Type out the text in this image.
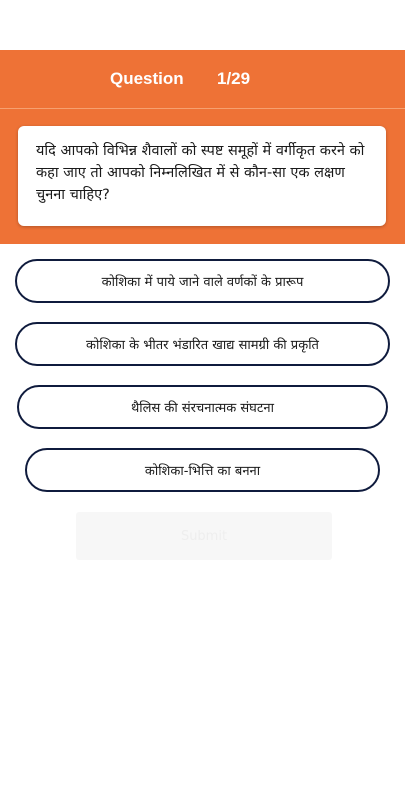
Question 1/29
यदि आपको विभिन्न शैवालों को स्पष्ट समूहों में वर्गीकृत करने को कहा जाए तो आपको निम्नलिखित में से कौन-सा एक लक्षण चुनना चाहिए?
कोशिका में पाये जाने वाले वर्णकों के प्रारूप
कोशिका के भीतर भंडारित खाद्य सामग्री की प्रकृति
थैलिस की संरचनात्मक संघटना
कोशिका-भित्ति का बनना
Submit
